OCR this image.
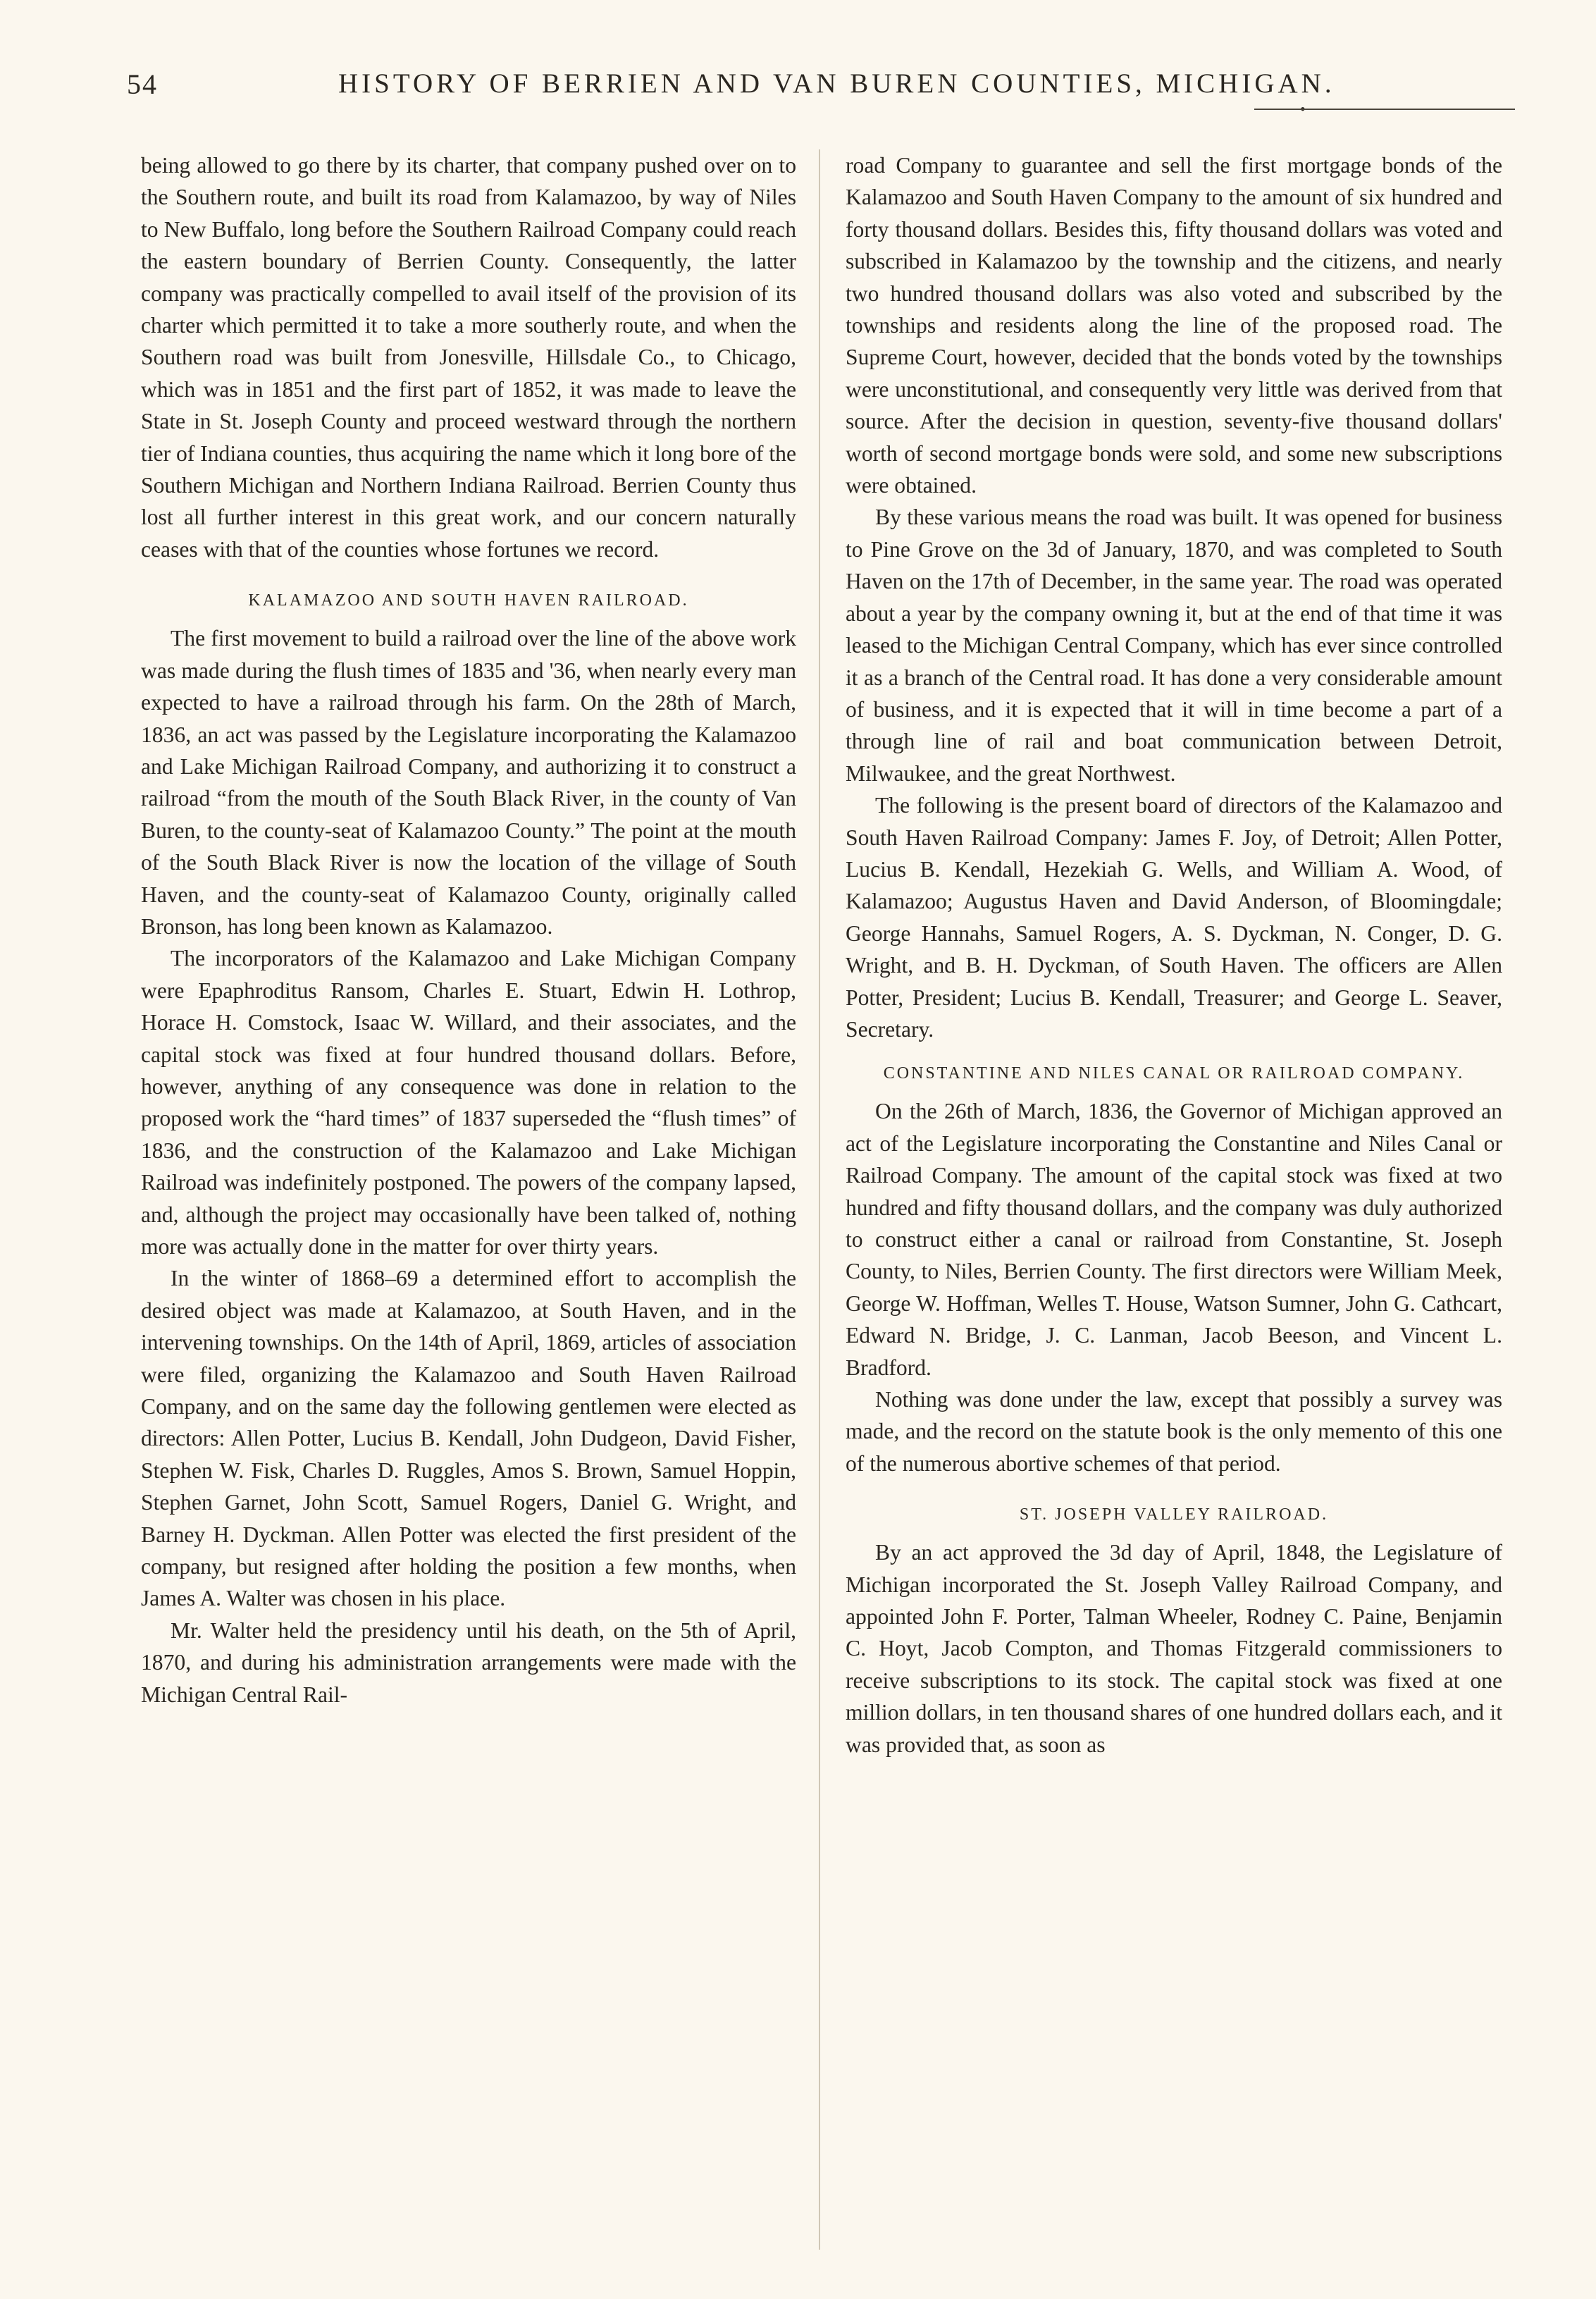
54	HISTORY OF BERRIEN AND VAN BUREN COUNTIES, MICHIGAN.

being allowed to go there by its charter, that company pushed over on to the Southern route, and built its road from Kalamazoo, by way of Niles to New Buffalo, long before the Southern Railroad Company could reach the eastern boundary of Berrien County. Consequently, the latter company was practically compelled to avail itself of the provision of its charter which permitted it to take a more southerly route, and when the Southern road was built from Jonesville, Hillsdale Co., to Chicago, which was in 1851 and the first part of 1852, it was made to leave the State in St. Joseph County and proceed westward through the northern tier of Indiana counties, thus acquiring the name which it long bore of the Southern Michigan and Northern Indiana Railroad. Berrien County thus lost all further interest in this great work, and our concern naturally ceases with that of the counties whose fortunes we record.

KALAMAZOO AND SOUTH HAVEN RAILROAD.

The first movement to build a railroad over the line of the above work was made during the flush times of 1835 and '36, when nearly every man expected to have a railroad through his farm. On the 28th of March, 1836, an act was passed by the Legislature incorporating the Kalamazoo and Lake Michigan Railroad Company, and authorizing it to construct a railroad “from the mouth of the South Black River, in the county of Van Buren, to the county-seat of Kalamazoo County.” The point at the mouth of the South Black River is now the location of the village of South Haven, and the county-seat of Kalamazoo County, originally called Bronson, has long been known as Kalamazoo.

The incorporators of the Kalamazoo and Lake Michigan Company were Epaphroditus Ransom, Charles E. Stuart, Edwin H. Lothrop, Horace H. Comstock, Isaac W. Willard, and their associates, and the capital stock was fixed at four hundred thousand dollars. Before, however, anything of any consequence was done in relation to the proposed work the “hard times” of 1837 superseded the “flush times” of 1836, and the construction of the Kalamazoo and Lake Michigan Railroad was indefinitely postponed. The powers of the company lapsed, and, although the project may occasionally have been talked of, nothing more was actually done in the matter for over thirty years.

In the winter of 1868–69 a determined effort to accomplish the desired object was made at Kalamazoo, at South Haven, and in the intervening townships. On the 14th of April, 1869, articles of association were filed, organizing the Kalamazoo and South Haven Railroad Company, and on the same day the following gentlemen were elected as directors: Allen Potter, Lucius B. Kendall, John Dudgeon, David Fisher, Stephen W. Fisk, Charles D. Ruggles, Amos S. Brown, Samuel Hoppin, Stephen Garnet, John Scott, Samuel Rogers, Daniel G. Wright, and Barney H. Dyckman. Allen Potter was elected the first president of the company, but resigned after holding the position a few months, when James A. Walter was chosen in his place.

Mr. Walter held the presidency until his death, on the 5th of April, 1870, and during his administration arrangements were made with the Michigan Central Rail-

road Company to guarantee and sell the first mortgage bonds of the Kalamazoo and South Haven Company to the amount of six hundred and forty thousand dollars. Besides this, fifty thousand dollars was voted and subscribed in Kalamazoo by the township and the citizens, and nearly two hundred thousand dollars was also voted and subscribed by the townships and residents along the line of the proposed road. The Supreme Court, however, decided that the bonds voted by the townships were unconstitutional, and consequently very little was derived from that source. After the decision in question, seventy-five thousand dollars' worth of second mortgage bonds were sold, and some new subscriptions were obtained.

By these various means the road was built. It was opened for business to Pine Grove on the 3d of January, 1870, and was completed to South Haven on the 17th of December, in the same year. The road was operated about a year by the company owning it, but at the end of that time it was leased to the Michigan Central Company, which has ever since controlled it as a branch of the Central road. It has done a very considerable amount of business, and it is expected that it will in time become a part of a through line of rail and boat communication between Detroit, Milwaukee, and the great Northwest.

The following is the present board of directors of the Kalamazoo and South Haven Railroad Company: James F. Joy, of Detroit; Allen Potter, Lucius B. Kendall, Hezekiah G. Wells, and William A. Wood, of Kalamazoo; Augustus Haven and David Anderson, of Bloomingdale; George Hannahs, Samuel Rogers, A. S. Dyckman, N. Conger, D. G. Wright, and B. H. Dyckman, of South Haven. The officers are Allen Potter, President; Lucius B. Kendall, Treasurer; and George L. Seaver, Secretary.

CONSTANTINE AND NILES CANAL OR RAILROAD COMPANY.

On the 26th of March, 1836, the Governor of Michigan approved an act of the Legislature incorporating the Constantine and Niles Canal or Railroad Company. The amount of the capital stock was fixed at two hundred and fifty thousand dollars, and the company was duly authorized to construct either a canal or railroad from Constantine, St. Joseph County, to Niles, Berrien County. The first directors were William Meek, George W. Hoffman, Welles T. House, Watson Sumner, John G. Cathcart, Edward N. Bridge, J. C. Lanman, Jacob Beeson, and Vincent L. Bradford.

Nothing was done under the law, except that possibly a survey was made, and the record on the statute book is the only memento of this one of the numerous abortive schemes of that period.

ST. JOSEPH VALLEY RAILROAD.

By an act approved the 3d day of April, 1848, the Legislature of Michigan incorporated the St. Joseph Valley Railroad Company, and appointed John F. Porter, Talman Wheeler, Rodney C. Paine, Benjamin C. Hoyt, Jacob Compton, and Thomas Fitzgerald commissioners to receive subscriptions to its stock. The capital stock was fixed at one million dollars, in ten thousand shares of one hundred dollars each, and it was provided that, as soon as
